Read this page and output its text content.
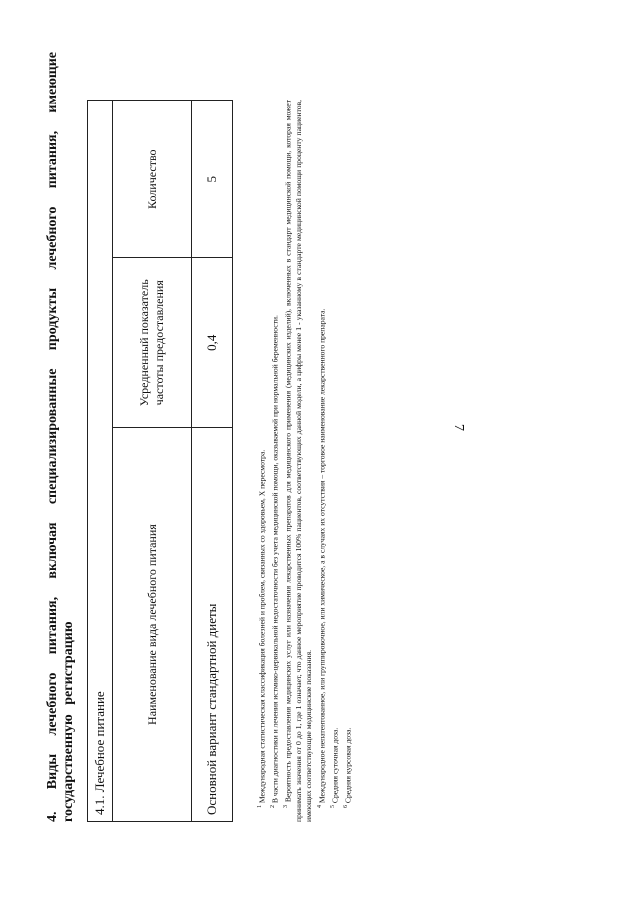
7
4. Виды лечебного питания, включая специализированные продукты лечебного питания, имеющие государственную регистрацию 4.1. Лечебное питание		
Наименование вида лечебного питания	Усредненный показатель частоты предоставления	Количество
Основной вариант стандартной диеты	0,4	5

$^1$ Международная статистическая классификация болезней и проблем, связанных со здоровьем, X пересмотра.

$^2$ В части диагностики и лечения истмико-цервикальной недостаточности без учета медицинской помощи, оказываемой при нормальной беременности.

$^3$ Вероятность предоставления медицинских услуг или назначения лекарственных препаратов для медицинского применения (медицинских изделий), включенных в стандарт медицинской помощи, которая может принимать значения от 0 до 1, где 1 означает, что данное мероприятие проводится 100% пациентов, соответствующих данной модели, а цифры менее 1 - указанному в стандарте медицинской помощи проценту пациентов, имеющих соответствующие медицинские показания. $^4$ Международное непатентованное, или группировочное, или химическое, а в случаях их отсутствия – торговое наименование лекарственного препарата.

$^5$ Средняя суточная доза.

$^6$ Средняя курсовая доза.
